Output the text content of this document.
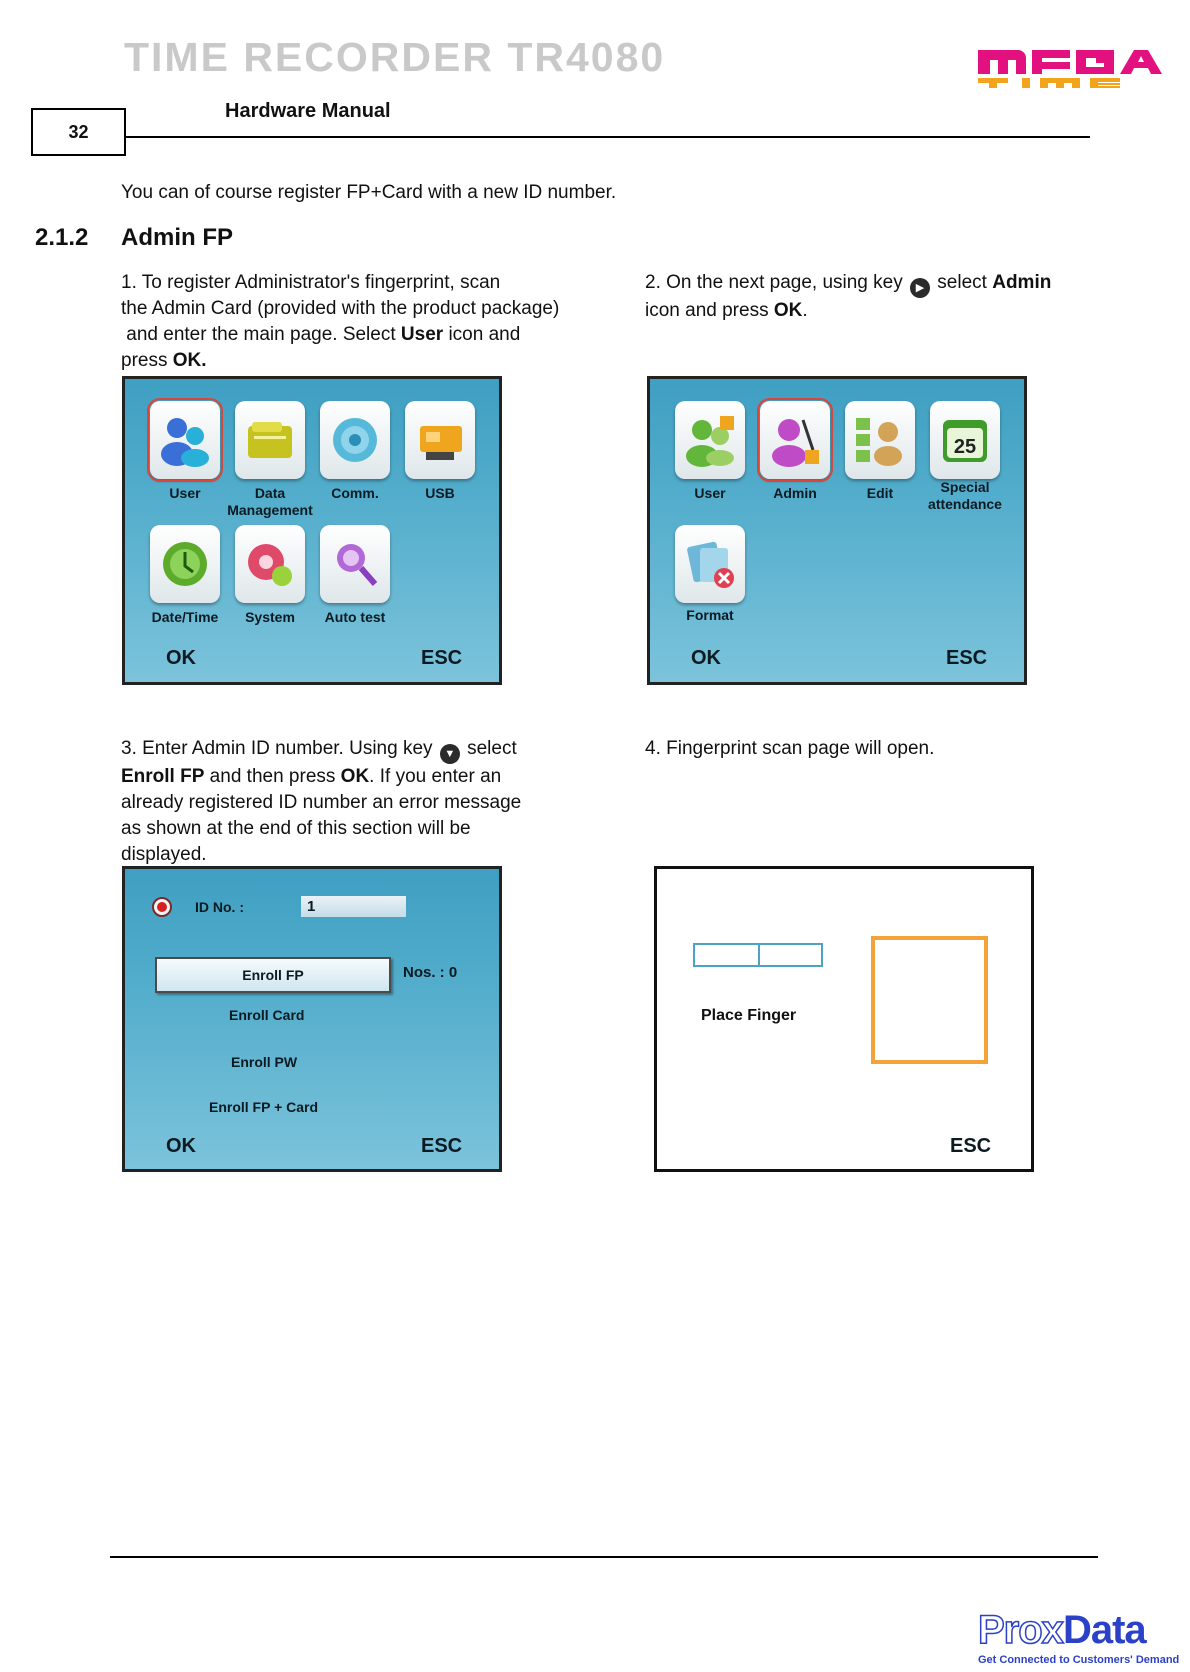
TIME RECORDER TR4080
32
Hardware Manual
You can of course register FP+Card with a new ID number.
2.1.2 Admin FP
1. To register Administrator's fingerprint, scan
the Admin Card (provided with the product package)
and enter the main page. Select User icon and
press OK.
2. On the next page, using key ▶ select Admin
icon and press OK.
User	Data
Management
Comm.	USB
Date/Time	System	Auto test
OK	ESC
25
User	Admin	Edit	Special
attendance
Format
OK	ESC
3. Enter Admin ID number. Using key ▼ select
Enroll FP and then press OK. If you enter an
already registered ID number an error message
as shown at the end of this section will be
displayed.
4. Fingerprint scan page will open.
ID No. :	1
Enroll FP	Nos. : 0
Enroll Card
Enroll PW
Enroll FP + Card
OK	ESC
Place Finger
ESC
ProxData
Get Connected to Customers' Demand
